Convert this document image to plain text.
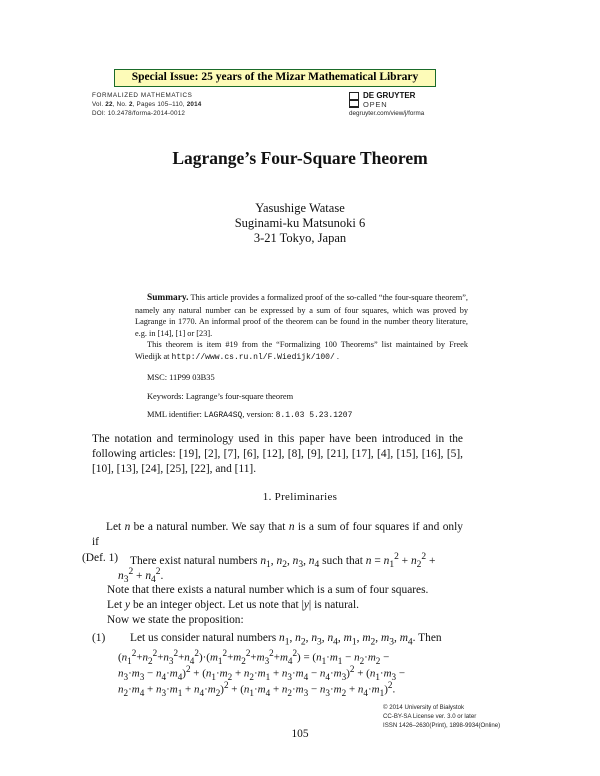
Special Issue: 25 years of the Mizar Mathematical Library
FORMALIZED MATHEMATICS
Vol. 22, No. 2, Pages 105–110, 2014
DOI: 10.2478/forma-2014-0012
DE GRUYTER
OPEN
degruyter.com/view/j/forma
Lagrange’s Four-Square Theorem
Yasushige Watase
Suginami-ku Matsunoki 6
3-21 Tokyo, Japan
Summary. This article provides a formalized proof of the so-called “the four-square theorem”, namely any natural number can be expressed by a sum of four squares, which was proved by Lagrange in 1770. An informal proof of the theorem can be found in the number theory literature, e.g. in [14], [1] or [23].
This theorem is item #19 from the “Formalizing 100 Theorems” list maintained by Freek Wiedijk at http://www.cs.ru.nl/F.Wiedijk/100/ .
MSC: 11P99 03B35
Keywords: Lagrange’s four-square theorem
MML identifier: LAGRA4SQ, version: 8.1.03 5.23.1207
The notation and terminology used in this paper have been introduced in the following articles: [19], [2], [7], [6], [12], [8], [9], [21], [17], [4], [15], [16], [5], [10], [13], [24], [25], [22], and [11].
1. Preliminaries
Let n be a natural number. We say that n is a sum of four squares if and only if
(Def. 1) There exist natural numbers $n_1$, $n_2$, $n_3$, $n_4$ such that $n = n_1^2 + n_2^2$ +
$n_3^2 + n_4^2$.
Note that there exists a natural number which is a sum of four squares.
Let y be an integer object. Let us note that |y| is natural.
Now we state the proposition:
(1) Let us consider natural numbers $n_1$, $n_2$, $n_3$, $n_4$, $m_1$, $m_2$, $m_3$, $m_4$. Then
$(n_1^2+n_2^2+n_3^2+n_4^2)\cdot(m_1^2+m_2^2+m_3^2+m_4^2) = (n_1\cdot m_1 - n_2\cdot m_2$ −
$n_3\cdot m_3 - n_4\cdot m_4)^2 + (n_1\cdot m_2 + n_2\cdot m_1 + n_3\cdot m_4 - n_4\cdot m_3)^2 + (n_1\cdot m_3$ −
$n_2\cdot m_4 + n_3\cdot m_1 + n_4\cdot m_2)^2 + (n_1\cdot m_4 + n_2\cdot m_3 - n_3\cdot m_2 + n_4\cdot m_1)^2$.
© 2014 University of Białystok
CC-BY-SA License ver. 3.0 or later
ISSN 1426–2630(Print), 1898-9934(Online)
105
